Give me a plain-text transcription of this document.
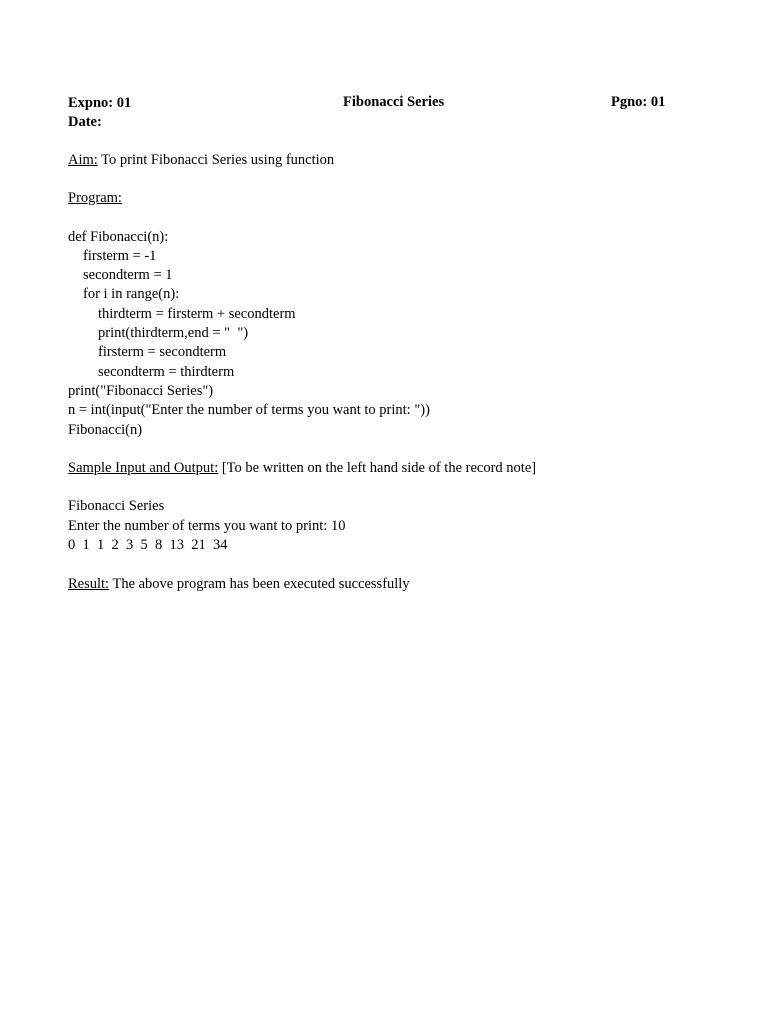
Expno: 01	Fibonacci Series	Pgno: 01
Date:
Aim: To print Fibonacci Series using function
Program:
def Fibonacci(n):
firsterm = -1
secondterm = 1
for i in range(n):
thirdterm = firsterm + secondterm
print(thirdterm,end = "  ")
firsterm = secondterm
secondterm = thirdterm
print("Fibonacci Series")
n = int(input("Enter the number of terms you want to print: "))
Fibonacci(n)
Sample Input and Output: [To be written on the left hand side of the record note]
Fibonacci Series
Enter the number of terms you want to print: 10
0  1  1  2  3  5  8  13  21  34
Result: The above program has been executed successfully
